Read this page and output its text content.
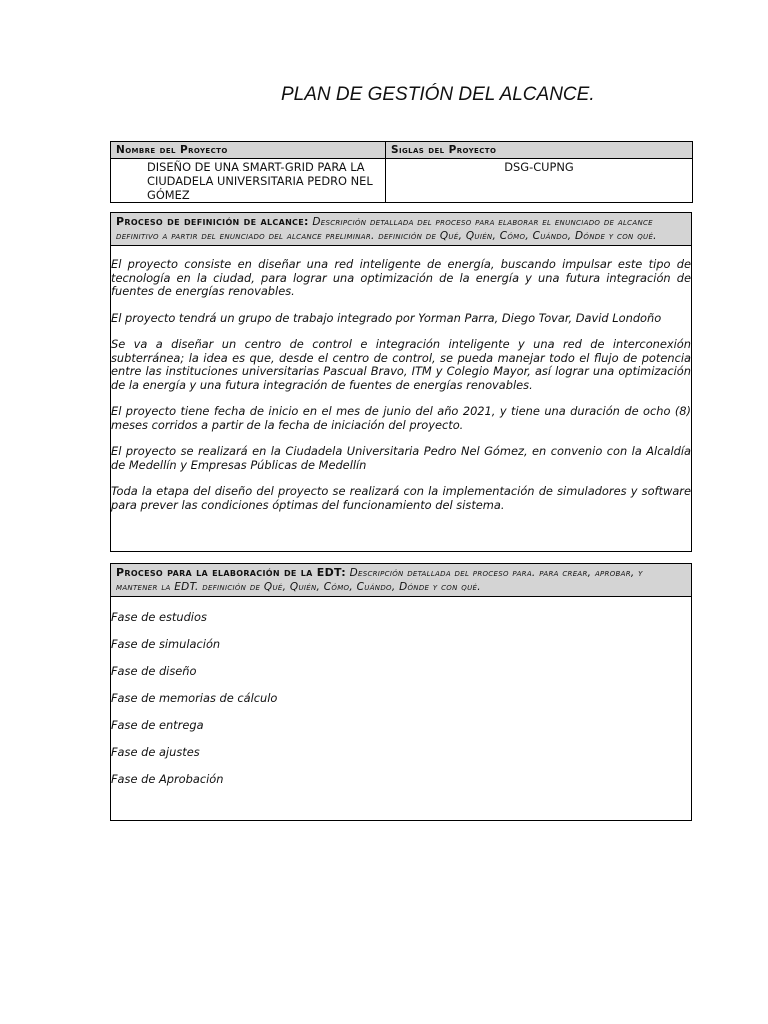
PLAN DE GESTIÓN DEL ALCANCE.
Nombre del Proyecto	Siglas del Proyecto
DISEÑO DE UNA SMART-GRID PARA LA CIUDADELA UNIVERSITARIA PEDRO NEL GÓMEZ	DSG-CUPNG
Proceso de definición de alcance: Descripción detallada del proceso para elaborar el enunciado de alcance definitivo a partir del enunciado del alcance preliminar. definición de Qué, Quién, Cómo, Cuándo, Dónde y con qué.

El proyecto consiste en diseñar una red inteligente de energía, buscando impulsar este tipo de tecnología en la ciudad, para lograr una optimización de la energía y una futura integración de fuentes de energías renovables.

El proyecto tendrá un grupo de trabajo integrado por Yorman Parra, Diego Tovar, David Londoño

Se va a diseñar un centro de control e integración inteligente y una red de interconexión subterránea; la idea es que, desde el centro de control, se pueda manejar todo el flujo de potencia entre las instituciones universitarias Pascual Bravo, ITM y Colegio Mayor, así lograr una optimización de la energía y una futura integración de fuentes de energías renovables.

El proyecto tiene fecha de inicio en el mes de junio del año 2021, y tiene una duración de ocho (8) meses corridos a partir de la fecha de iniciación del proyecto.

El proyecto se realizará en la Ciudadela Universitaria Pedro Nel Gómez, en convenio con la Alcaldía de Medellín y Empresas Públicas de Medellín

Toda la etapa del diseño del proyecto se realizará con la implementación de simuladores y software para prever las condiciones óptimas del funcionamiento del sistema.

Proceso para la elaboración de la EDT: Descripción detallada del proceso para. para crear, aprobar, y mantener la EDT. definición de Qué, Quién, Cómo, Cuándo, Dónde y con qué.

Fase de estudios

Fase de simulación

Fase de diseño

Fase de memorias de cálculo

Fase de entrega

Fase de ajustes

Fase de Aprobación
